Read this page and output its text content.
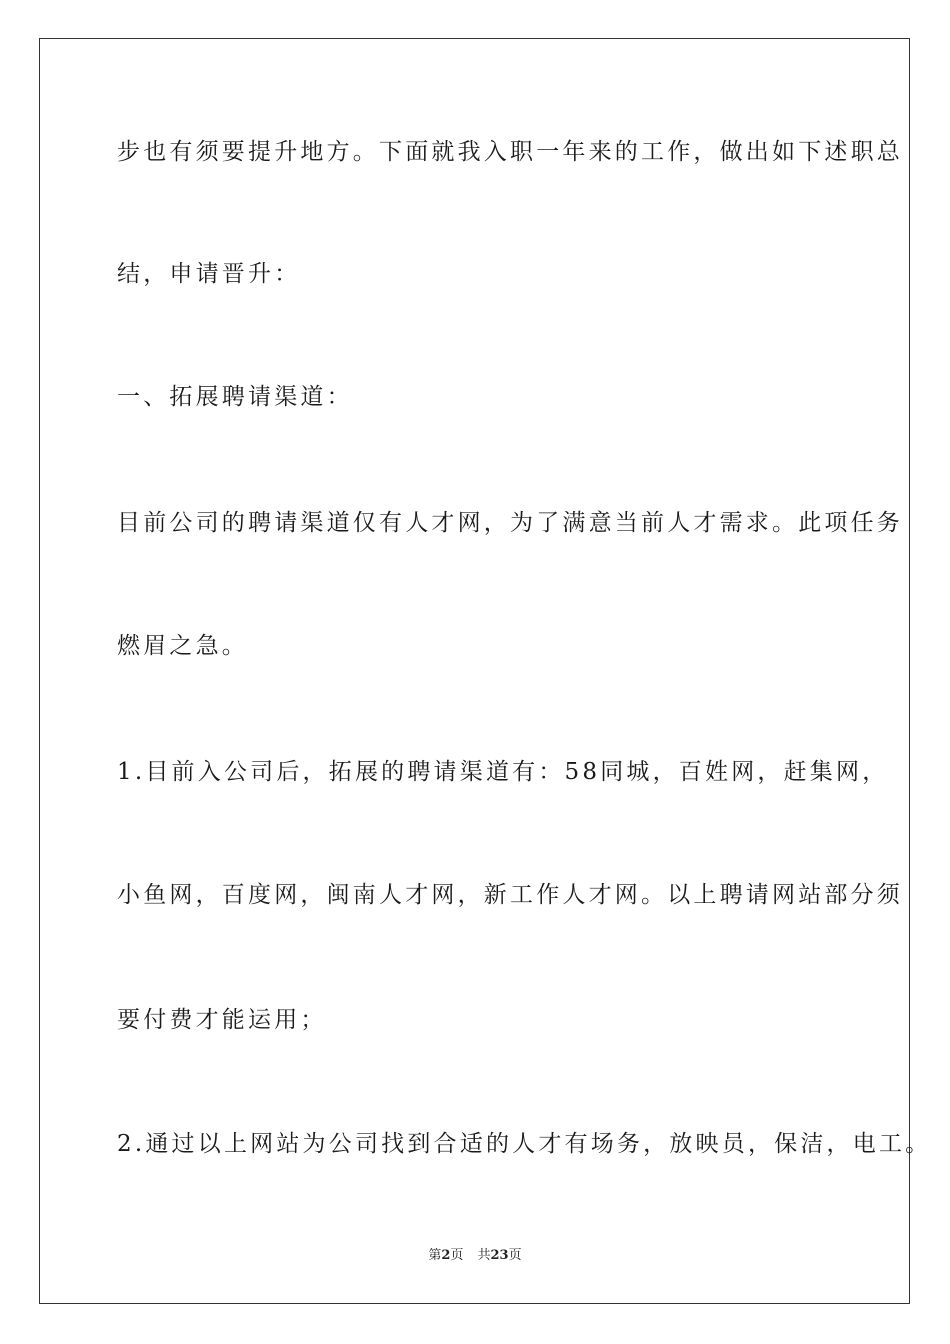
步也有须要提升地方。下面就我入职一年来的工作，做出如下述职总
结，申请晋升：
一、拓展聘请渠道：
目前公司的聘请渠道仅有人才网，为了满意当前人才需求。此项任务
燃眉之急。
1.目前入公司后，拓展的聘请渠道有：58同城，百姓网，赶集网，
小鱼网，百度网，闽南人才网，新工作人才网。以上聘请网站部分须
要付费才能运用；
2.通过以上网站为公司找到合适的人才有场务，放映员，保洁，电工。
第2页 共23页
